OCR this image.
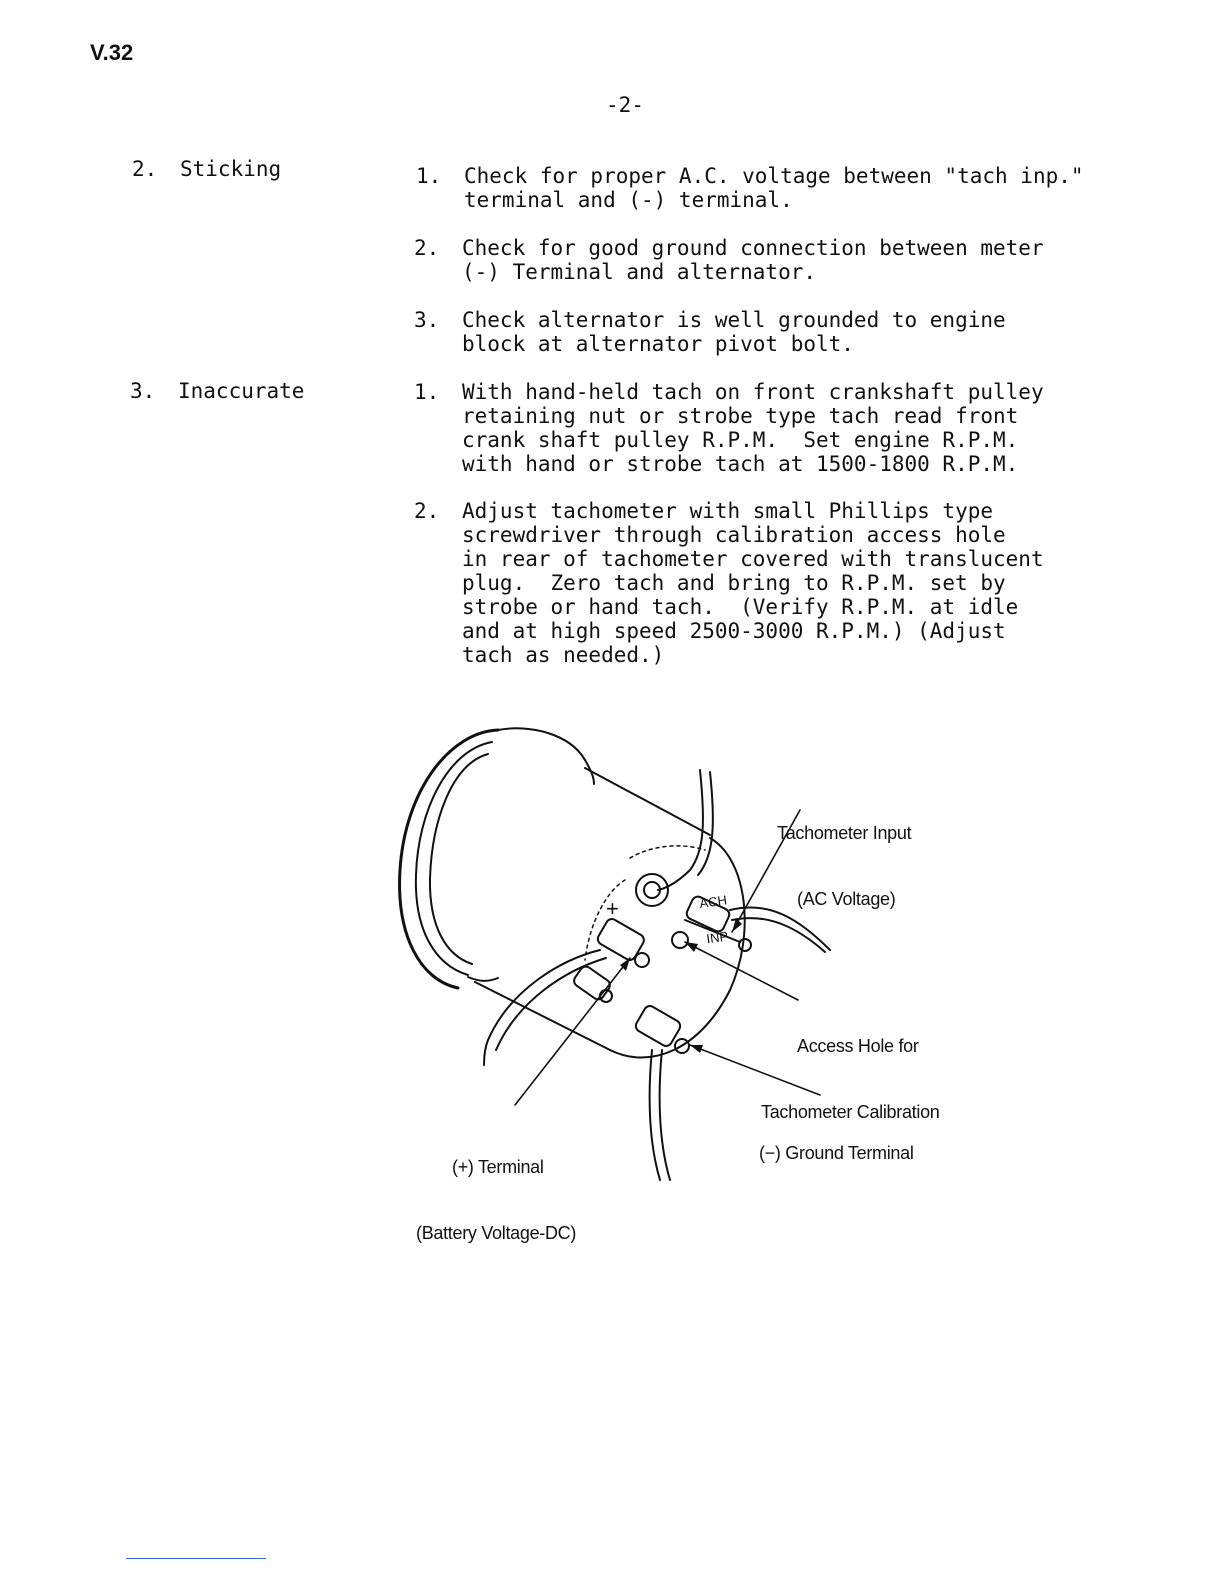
V.32
-2-
2. Sticking	1. Check for proper A.C. voltage between "tach inp."
terminal and (-) terminal.
2. Check for good ground connection between meter
(-) Terminal and alternator.
3. Check alternator is well grounded to engine
block at alternator pivot bolt.
3. Inaccurate	1. With hand-held tach on front crankshaft pulley
retaining nut or strobe type tach read front
crank shaft pulley R.P.M.  Set engine R.P.M.
with hand or strobe tach at 1500-1800 R.P.M.
2. Adjust tachometer with small Phillips type
screwdriver through calibration access hole
in rear of tachometer covered with translucent
plug.  Zero tach and bring to R.P.M. set by
strobe or hand tach.  (Verify R.P.M. at idle
and at high speed 2500-3000 R.P.M.) (Adjust
tach as needed.)

ACH

INP

+

Tachometer Input

(AC Voltage)

Access Hole for

Tachometer Calibration

(−) Ground Terminal

(+) Terminal

(Battery Voltage-DC)
